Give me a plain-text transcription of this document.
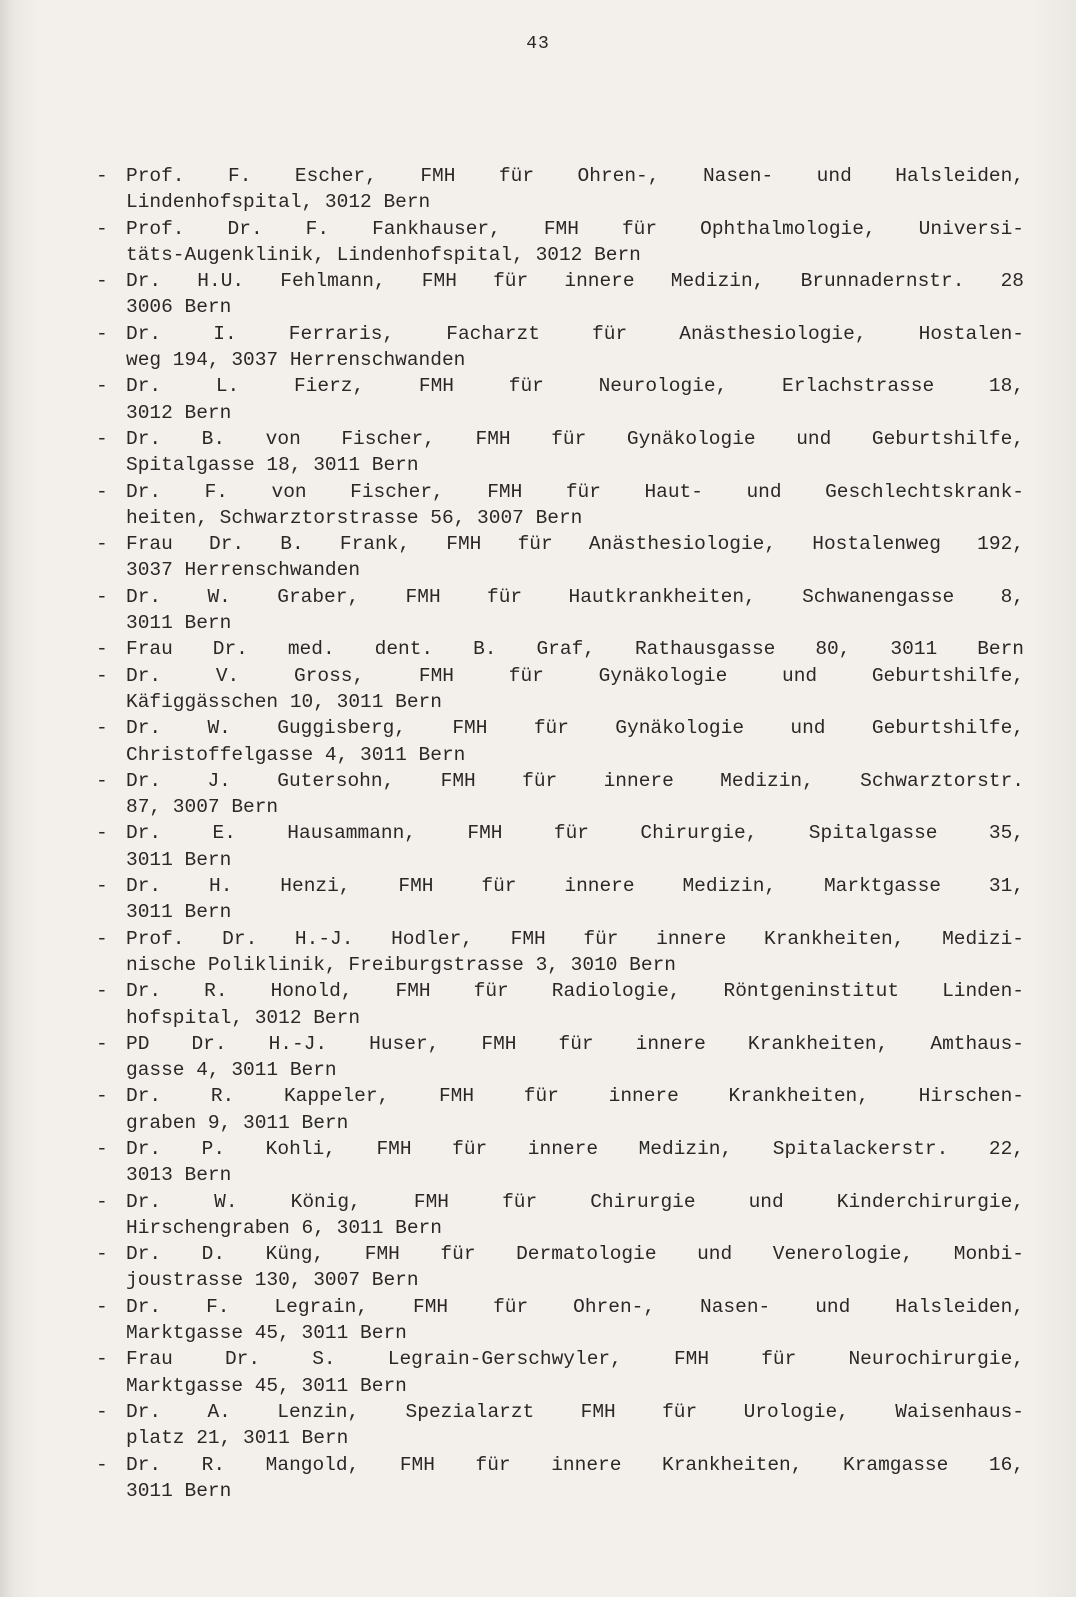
43
- Prof. F. Escher, FMH für Ohren-, Nasen- und Halsleiden,
Lindenhofspital, 3012 Bern
- Prof. Dr. F. Fankhauser, FMH für Ophthalmologie, Universi-
täts-Augenklinik, Lindenhofspital, 3012 Bern
- Dr. H.U. Fehlmann, FMH für innere Medizin, Brunnadernstr. 28
3006 Bern
- Dr. I. Ferraris, Facharzt für Anästhesiologie, Hostalen-
weg 194, 3037 Herrenschwanden
- Dr. L. Fierz, FMH für Neurologie, Erlachstrasse 18,
3012 Bern
- Dr. B. von Fischer, FMH für Gynäkologie und Geburtshilfe,
Spitalgasse 18, 3011 Bern
- Dr. F. von Fischer, FMH für Haut- und Geschlechtskrank-
heiten, Schwarztorstrasse 56, 3007 Bern
- Frau Dr. B. Frank, FMH für Anästhesiologie, Hostalenweg 192,
3037 Herrenschwanden
- Dr. W. Graber, FMH für Hautkrankheiten, Schwanengasse 8,
3011 Bern
- Frau Dr. med. dent. B. Graf, Rathausgasse 80, 3011 Bern
- Dr. V. Gross, FMH für Gynäkologie und Geburtshilfe,
Käfiggässchen 10, 3011 Bern
- Dr. W. Guggisberg, FMH für Gynäkologie und Geburtshilfe,
Christoffelgasse 4, 3011 Bern
- Dr. J. Gutersohn, FMH für innere Medizin, Schwarztorstr.
87, 3007 Bern
- Dr. E. Hausammann, FMH für Chirurgie, Spitalgasse 35,
3011 Bern
- Dr. H. Henzi, FMH für innere Medizin, Marktgasse 31,
3011 Bern
- Prof. Dr. H.-J. Hodler, FMH für innere Krankheiten, Medizi-
nische Poliklinik, Freiburgstrasse 3, 3010 Bern
- Dr. R. Honold, FMH für Radiologie, Röntgeninstitut Linden-
hofspital, 3012 Bern
- PD Dr. H.-J. Huser, FMH für innere Krankheiten, Amthaus-
gasse 4, 3011 Bern
- Dr. R. Kappeler, FMH für innere Krankheiten, Hirschen-
graben 9, 3011 Bern
- Dr. P. Kohli, FMH für innere Medizin, Spitalackerstr. 22,
3013 Bern
- Dr. W. König, FMH für Chirurgie und Kinderchirurgie,
Hirschengraben 6, 3011 Bern
- Dr. D. Küng, FMH für Dermatologie und Venerologie, Monbi-
joustrasse 130, 3007 Bern
- Dr. F. Legrain, FMH für Ohren-, Nasen- und Halsleiden,
Marktgasse 45, 3011 Bern
- Frau Dr. S. Legrain-Gerschwyler, FMH für Neurochirurgie,
Marktgasse 45, 3011 Bern
- Dr. A. Lenzin, Spezialarzt FMH für Urologie, Waisenhaus-
platz 21, 3011 Bern
- Dr. R. Mangold, FMH für innere Krankheiten, Kramgasse 16,
3011 Bern
